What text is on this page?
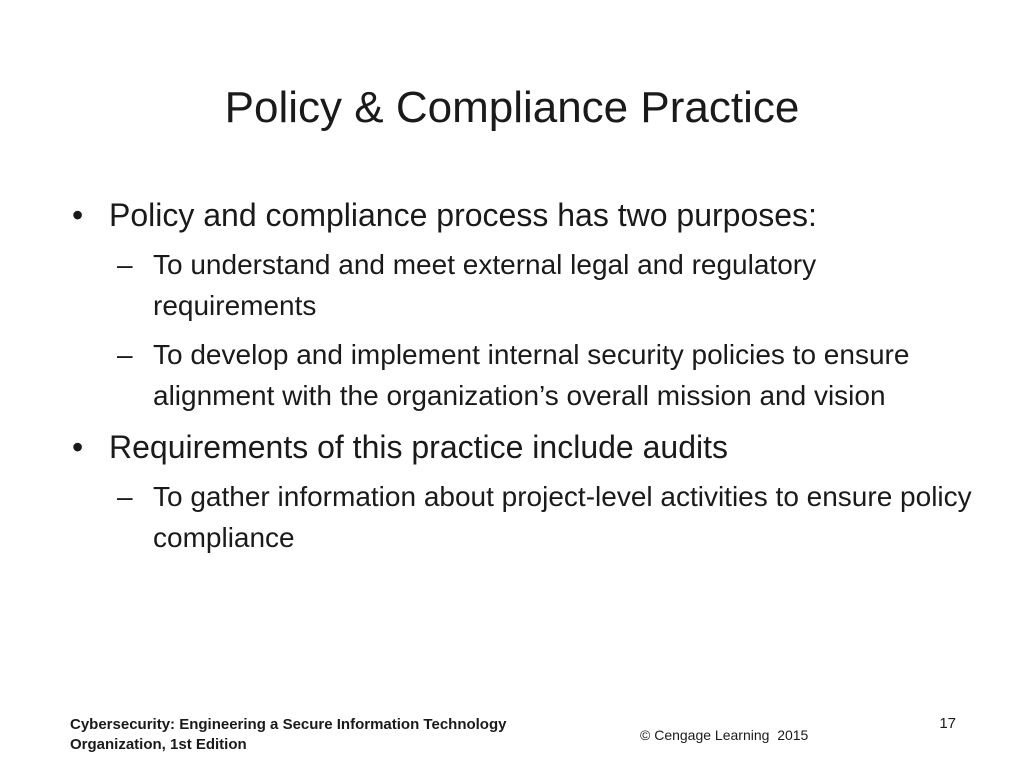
Policy & Compliance Practice
• Policy and compliance process has two purposes:
– To understand and meet external legal and regulatory requirements
– To develop and implement internal security policies to ensure alignment with the organization’s overall mission and vision
• Requirements of this practice include audits
– To gather information about project-level activities to ensure policy compliance
Cybersecurity: Engineering a Secure Information Technology
Organization, 1st Edition
© Cengage Learning  2015
17
